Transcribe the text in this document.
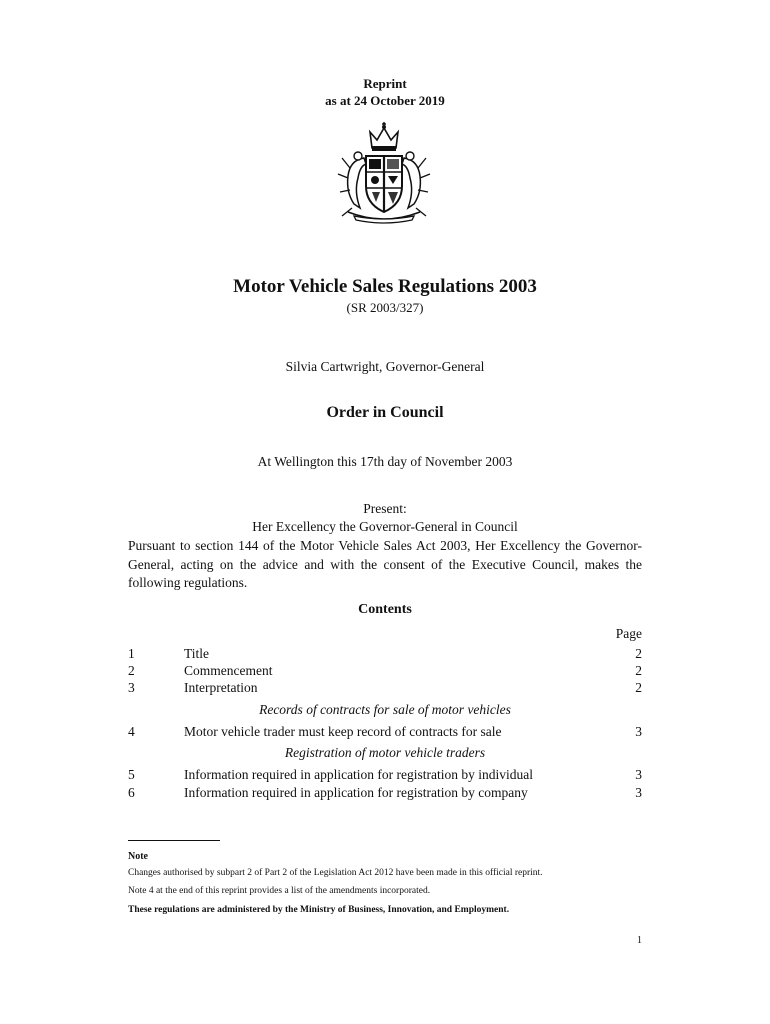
Reprint
as at 24 October 2019
Motor Vehicle Sales Regulations 2003
(SR 2003/327)
Silvia Cartwright, Governor-General
Order in Council
At Wellington this 17th day of November 2003
Present:
Her Excellency the Governor-General in Council
Pursuant to section 144 of the Motor Vehicle Sales Act 2003, Her Excellency the Governor-General, acting on the advice and with the consent of the Executive Council, makes the following regulations.
Contents
Page
1	Title	2
2	Commencement	2
3	Interpretation	2
Records of contracts for sale of motor vehicles
4	Motor vehicle trader must keep record of contracts for sale	3
Registration of motor vehicle traders
5	Information required in application for registration by individual	3
6	Information required in application for registration by company	3
Note
Changes authorised by subpart 2 of Part 2 of the Legislation Act 2012 have been made in this official reprint.
Note 4 at the end of this reprint provides a list of the amendments incorporated.
These regulations are administered by the Ministry of Business, Innovation, and Employment.
1
